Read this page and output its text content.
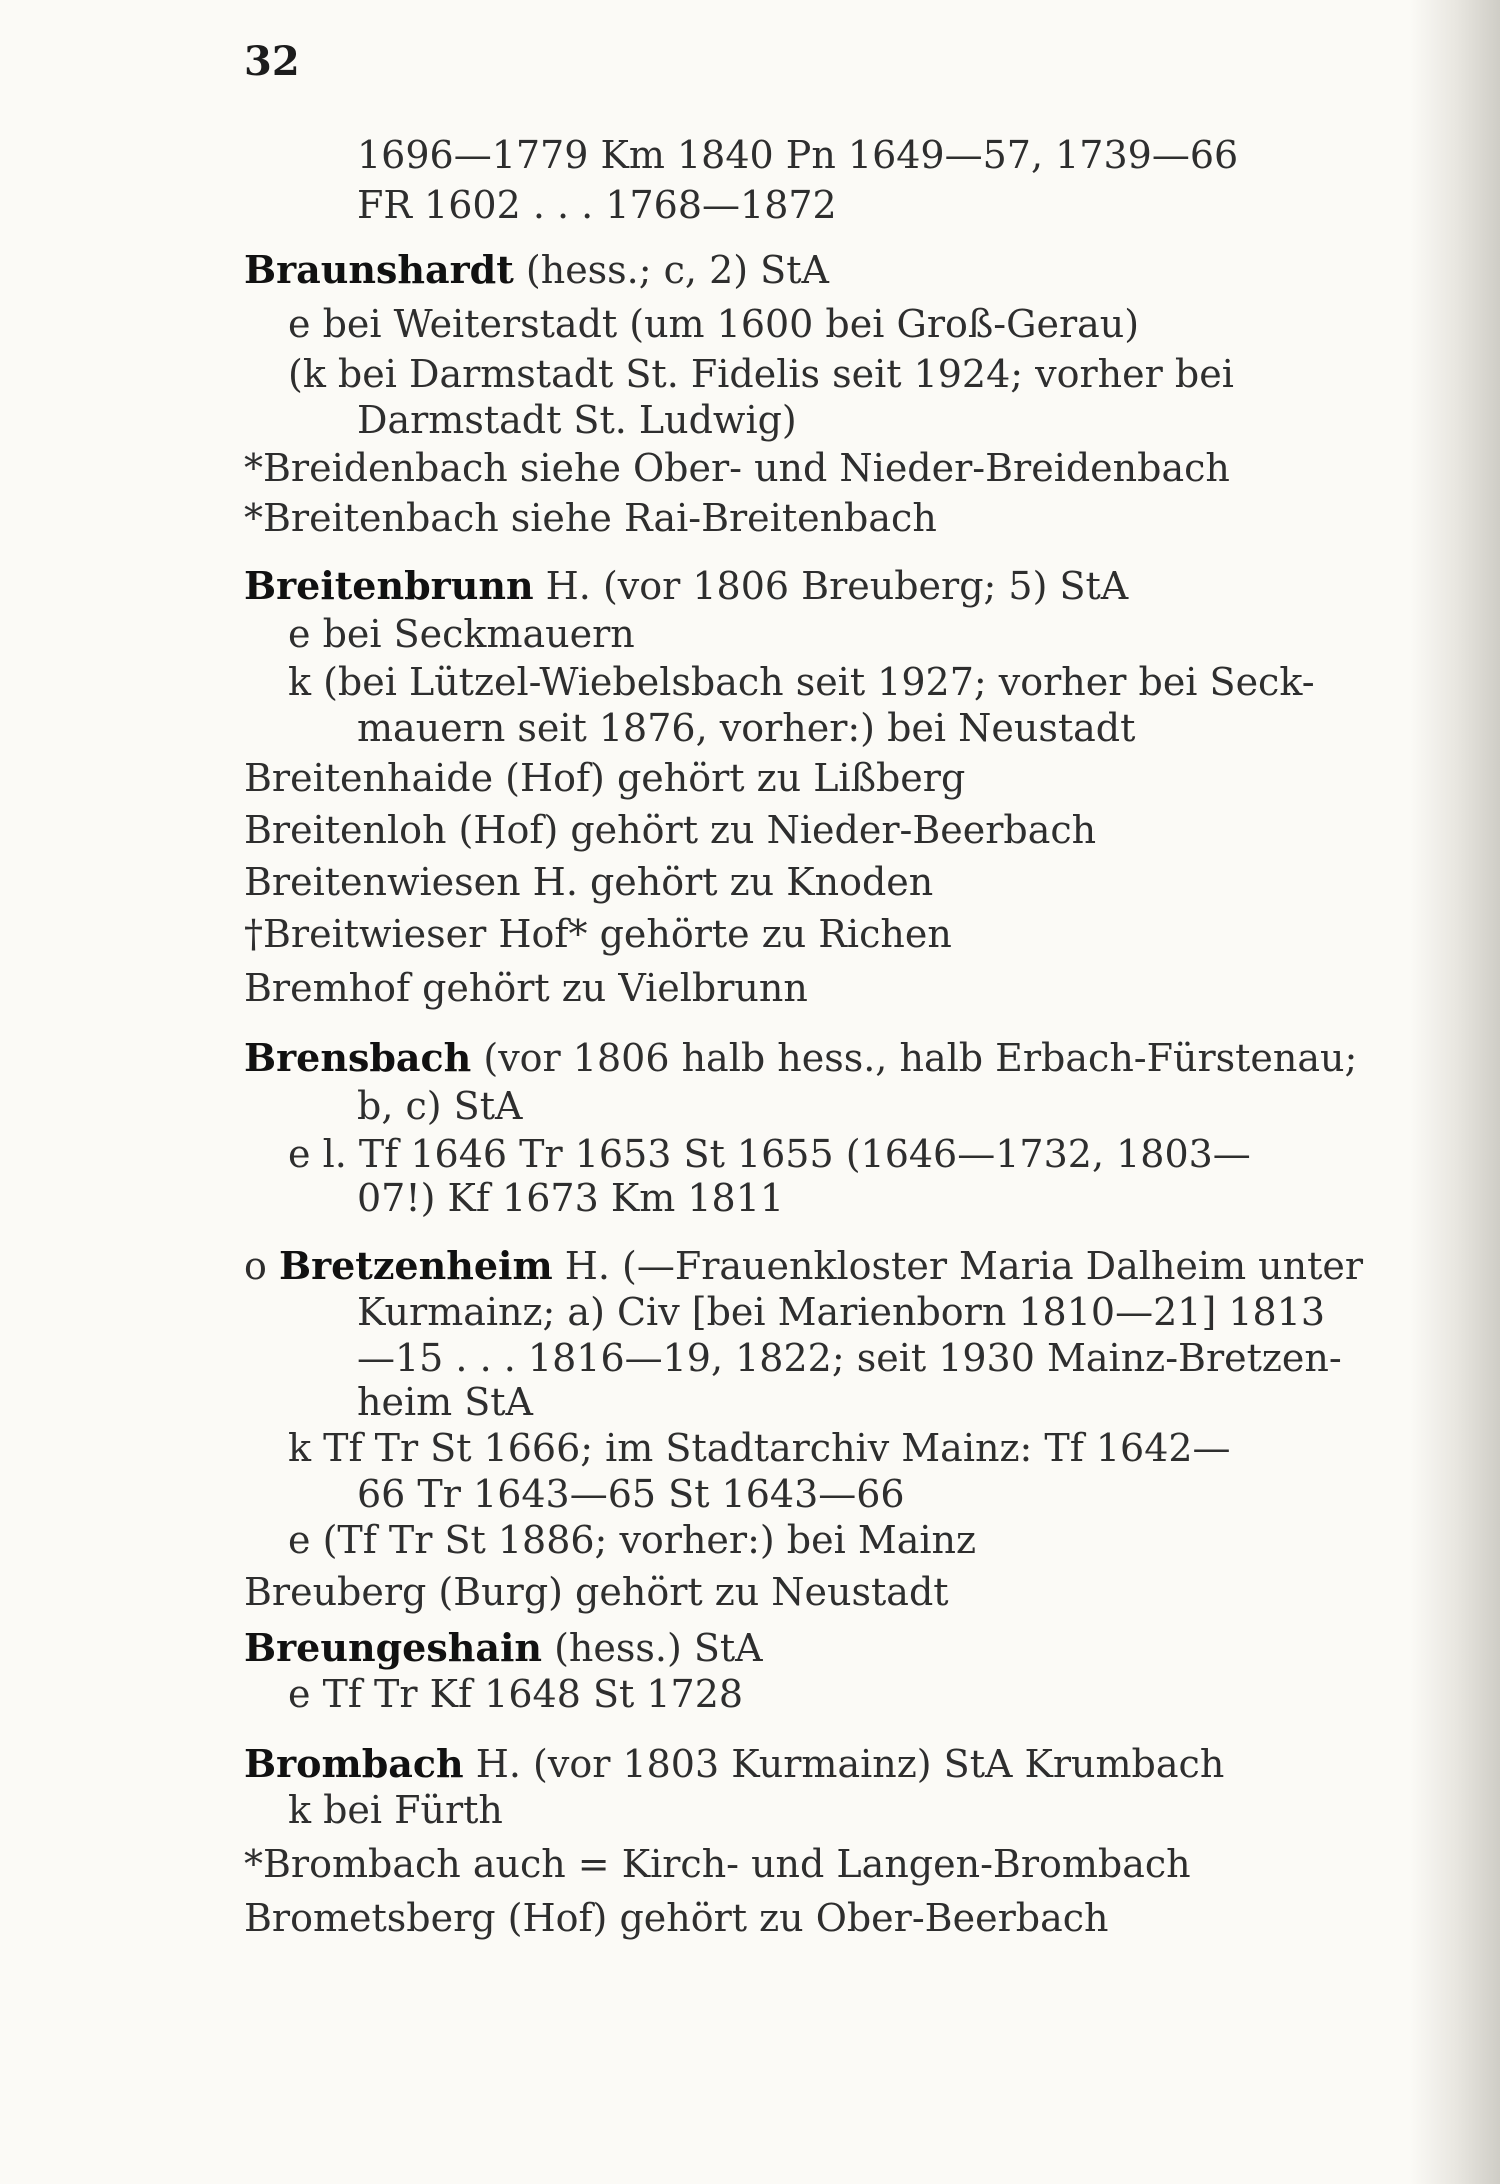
32
1696—1779 Km 1840 Pn 1649—57, 1739—66
FR 1602 . . . 1768—1872
Braunshardt (hess.; c, 2) StA
e bei Weiterstadt (um 1600 bei Groß-Gerau)
(k bei Darmstadt St. Fidelis seit 1924; vorher bei
Darmstadt St. Ludwig)
*Breidenbach siehe Ober- und Nieder-Breidenbach
*Breitenbach siehe Rai-Breitenbach
Breitenbrunn H. (vor 1806 Breuberg; 5) StA
e bei Seckmauern
k (bei Lützel-Wiebelsbach seit 1927; vorher bei Seck-
mauern seit 1876, vorher:) bei Neustadt
Breitenhaide (Hof) gehört zu Lißberg
Breitenloh (Hof) gehört zu Nieder-Beerbach
Breitenwiesen H. gehört zu Knoden
†Breitwieser Hof* gehörte zu Richen
Bremhof gehört zu Vielbrunn
Brensbach (vor 1806 halb hess., halb Erbach-Fürstenau;
b, c) StA
e l. Tf 1646 Tr 1653 St 1655 (1646—1732, 1803—
07!) Kf 1673 Km 1811
o Bretzenheim H. (—Frauenkloster Maria Dalheim unter
Kurmainz; a) Civ [bei Marienborn 1810—21] 1813
—15 . . . 1816—19, 1822; seit 1930 Mainz-Bretzen-
heim StA
k Tf Tr St 1666; im Stadtarchiv Mainz: Tf 1642—
66 Tr 1643—65 St 1643—66
e (Tf Tr St 1886; vorher:) bei Mainz
Breuberg (Burg) gehört zu Neustadt
Breungeshain (hess.) StA
e Tf Tr Kf 1648 St 1728
Brombach H. (vor 1803 Kurmainz) StA Krumbach
k bei Fürth
*Brombach auch = Kirch- und Langen-Brombach
Brometsberg (Hof) gehört zu Ober-Beerbach
